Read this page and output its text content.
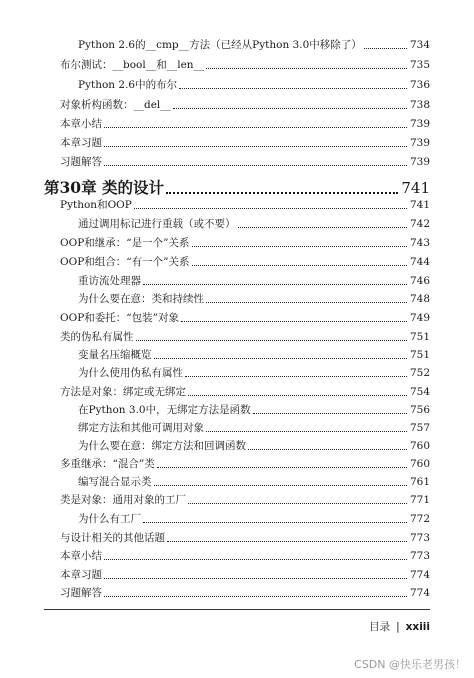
Python 2.6的__cmp__方法（已经从Python 3.0中移除了）	734
布尔测试：__bool__和__len__	735
Python 2.6中的布尔	736
对象析构函数：__del__	738
本章小结	739
本章习题	739
习题解答	739
第30章 类的设计	741
Python和OOP	741
通过调用标记进行重载（或不要）	742
OOP和继承：“是一个”关系	743
OOP和组合：“有一个”关系	744
重访流处理器	746
为什么要在意：类和持续性	748
OOP和委托：“包装”对象	749
类的伪私有属性	751
变量名压缩概览	751
为什么使用伪私有属性	752
方法是对象：绑定或无绑定	754
在Python 3.0中，无绑定方法是函数	756
绑定方法和其他可调用对象	757
为什么要在意：绑定方法和回调函数	760
多重继承：“混合”类	760
编写混合显示类	761
类是对象：通用对象的工厂	771
为什么有工厂	772
与设计相关的其他话题	773
本章小结	773
本章习题	774
习题解答	774
目录 | xxiii
CSDN @快乐老男孩！
